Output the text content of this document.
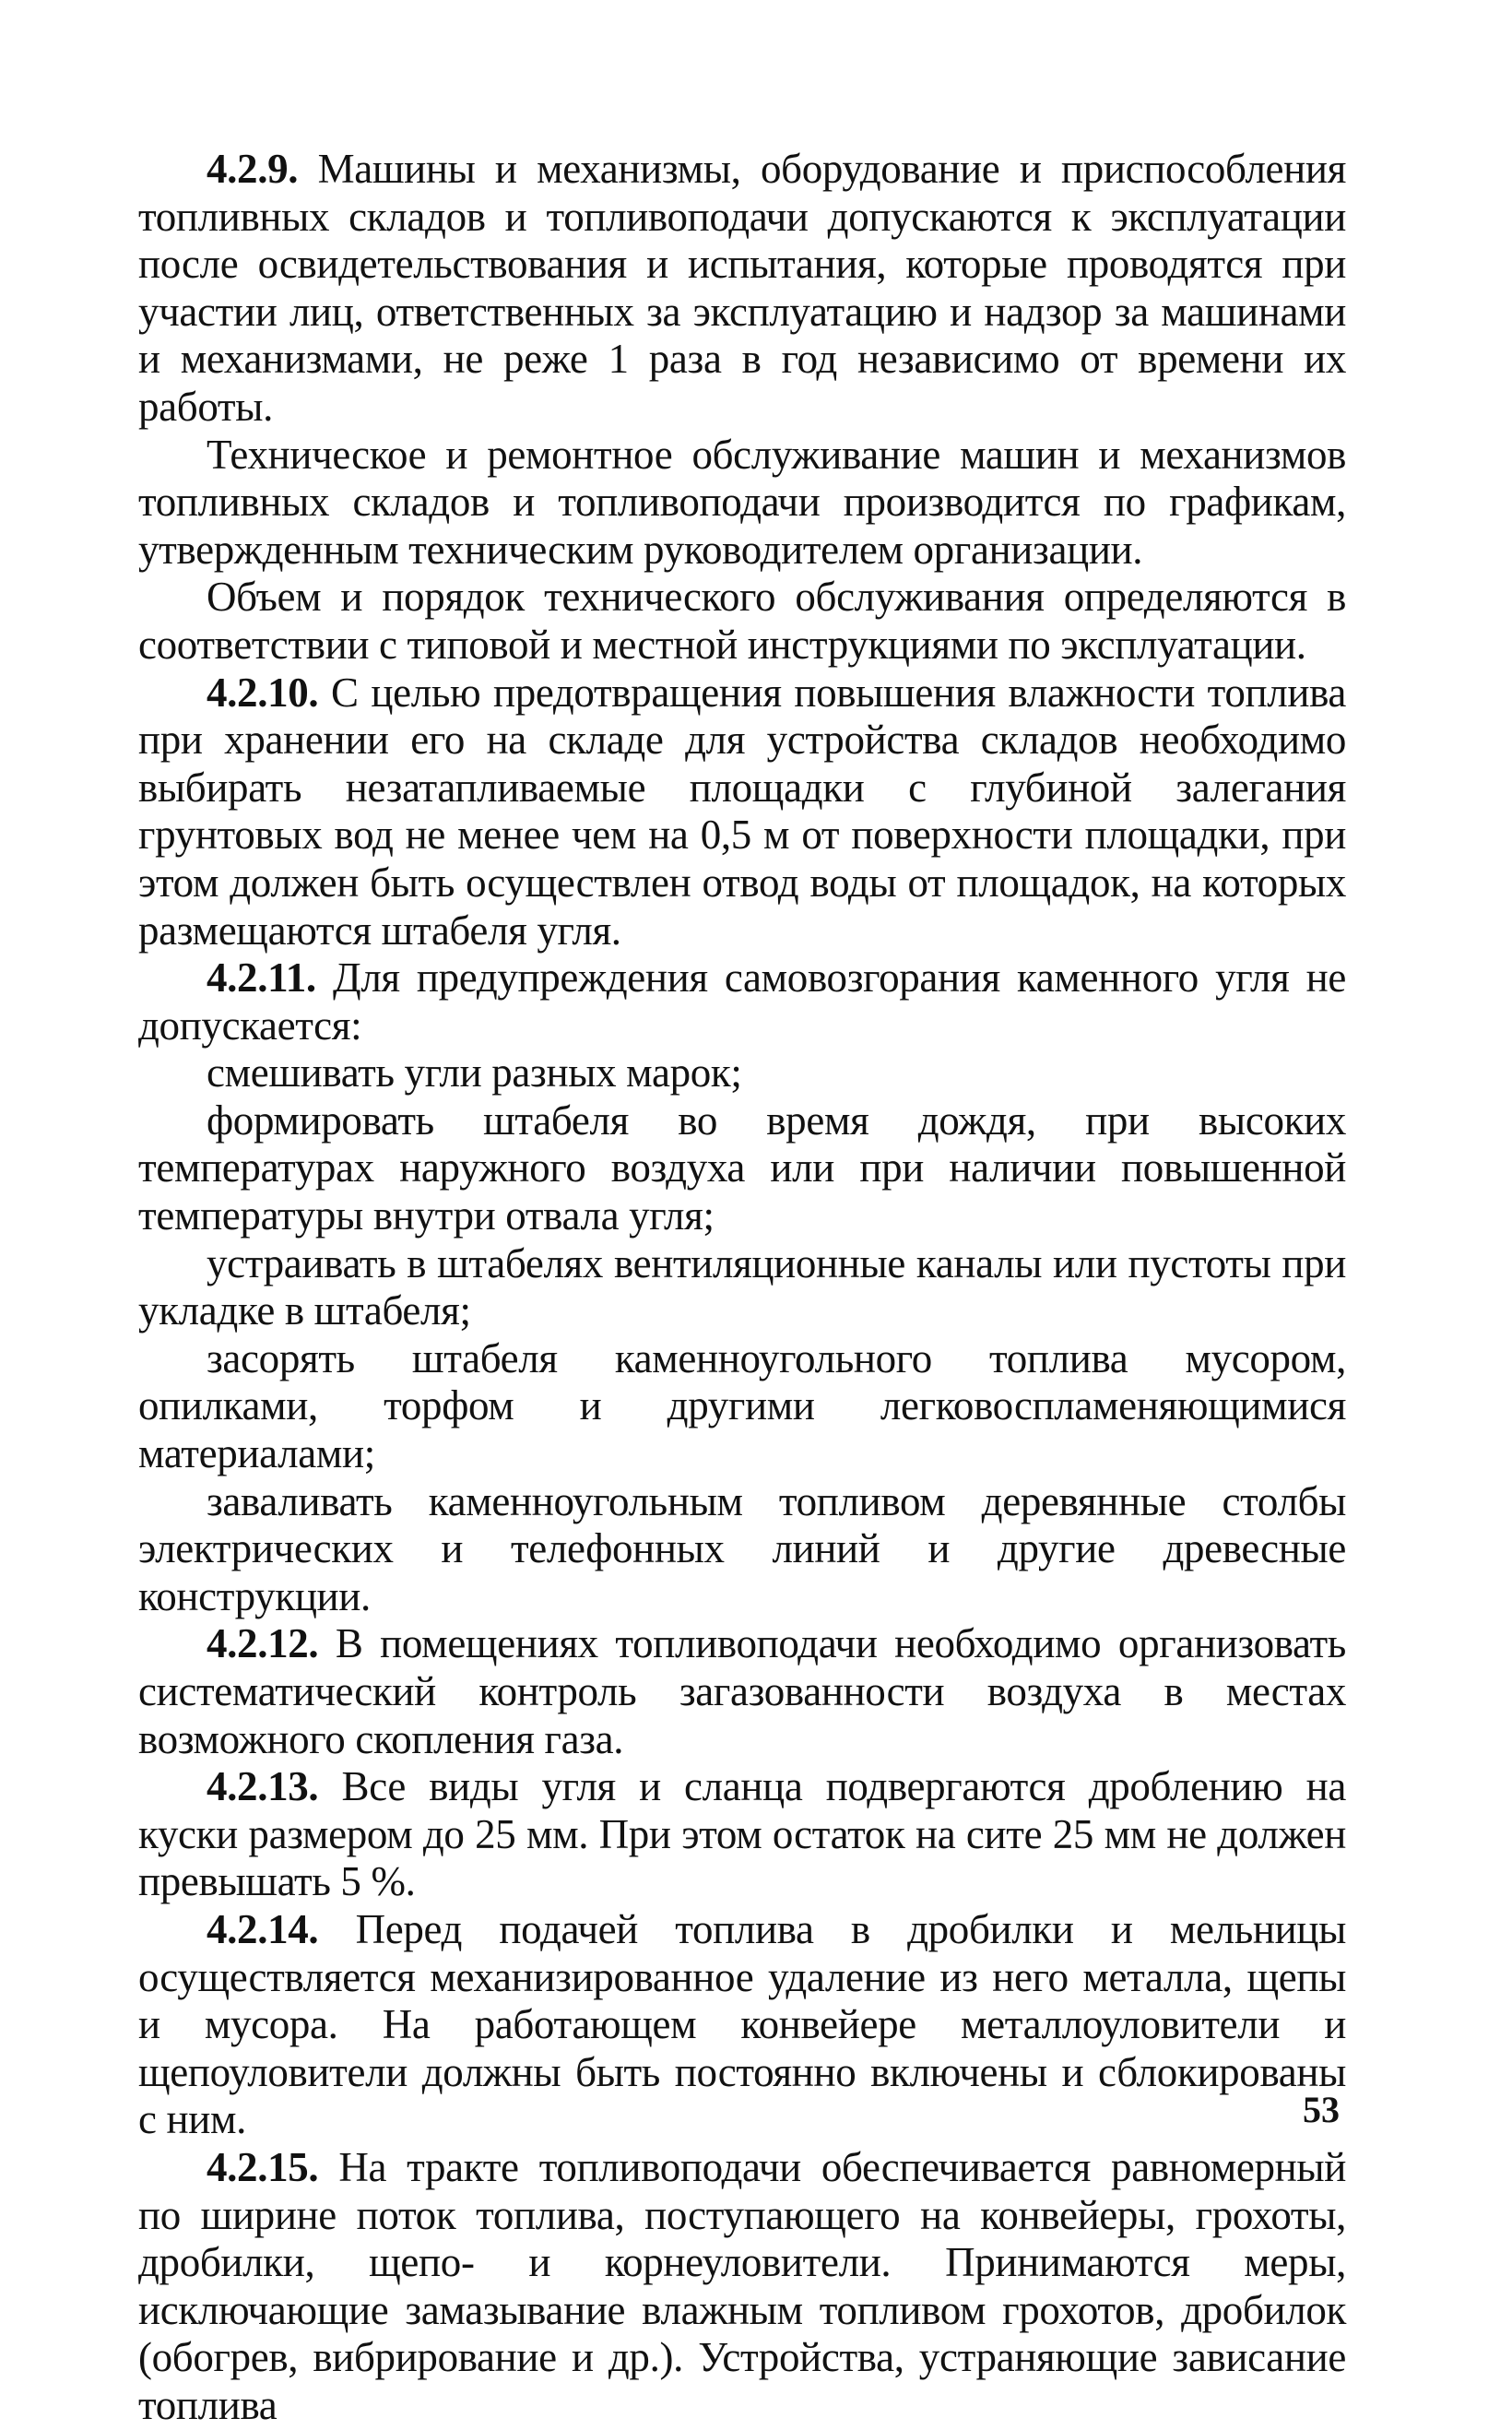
4.2.9. Машины и механизмы, оборудование и приспособления топливных складов и топливоподачи допускаются к эксплуатации после освидетельствования и испытания, которые проводятся при участии лиц, ответственных за эксплуатацию и надзор за машинами и механизмами, не реже 1 раза в год независимо от времени их работы.

Техническое и ремонтное обслуживание машин и механизмов топливных складов и топливоподачи производится по графикам, утвержденным техническим руководителем организации.

Объем и порядок технического обслуживания определяются в соответствии с типовой и местной инструкциями по эксплуатации.

4.2.10. С целью предотвращения повышения влажности топлива при хранении его на складе для устройства складов необходимо выбирать незатапливаемые площадки с глубиной залегания грунтовых вод не менее чем на 0,5 м от поверхности площадки, при этом должен быть осуществлен отвод воды от площадок, на которых размещаются штабеля угля.

4.2.11. Для предупреждения самовозгорания каменного угля не допускается:

смешивать угли разных марок;

формировать штабеля во время дождя, при высоких температурах наружного воздуха или при наличии повышенной температуры внутри отвала угля;

устраивать в штабелях вентиляционные каналы или пустоты при укладке в штабеля;

засорять штабеля каменноугольного топлива мусором, опилками, торфом и другими легковоспламеняющимися материалами;

заваливать каменноугольным топливом деревянные столбы электрических и телефонных линий и другие древесные конструкции.

4.2.12. В помещениях топливоподачи необходимо организовать систематический контроль загазованности воздуха в местах возможного скопления газа.

4.2.13. Все виды угля и сланца подвергаются дроблению на куски размером до 25 мм. При этом остаток на сите 25 мм не должен превышать 5 %.

4.2.14. Перед подачей топлива в дробилки и мельницы осуществляется механизированное удаление из него металла, щепы и мусора. На работающем конвейере металлоуловители и щепоуловители должны быть постоянно включены и сблокированы с ним.

4.2.15. На тракте топливоподачи обеспечивается равномерный по ширине поток топлива, поступающего на конвейеры, грохоты, дробилки, щепо- и корнеуловители. Принимаются меры, исключающие замазывание влажным топливом грохотов, дробилок (обогрев, вибрирование и др.). Устройства, устраняющие зависание топлива

53
